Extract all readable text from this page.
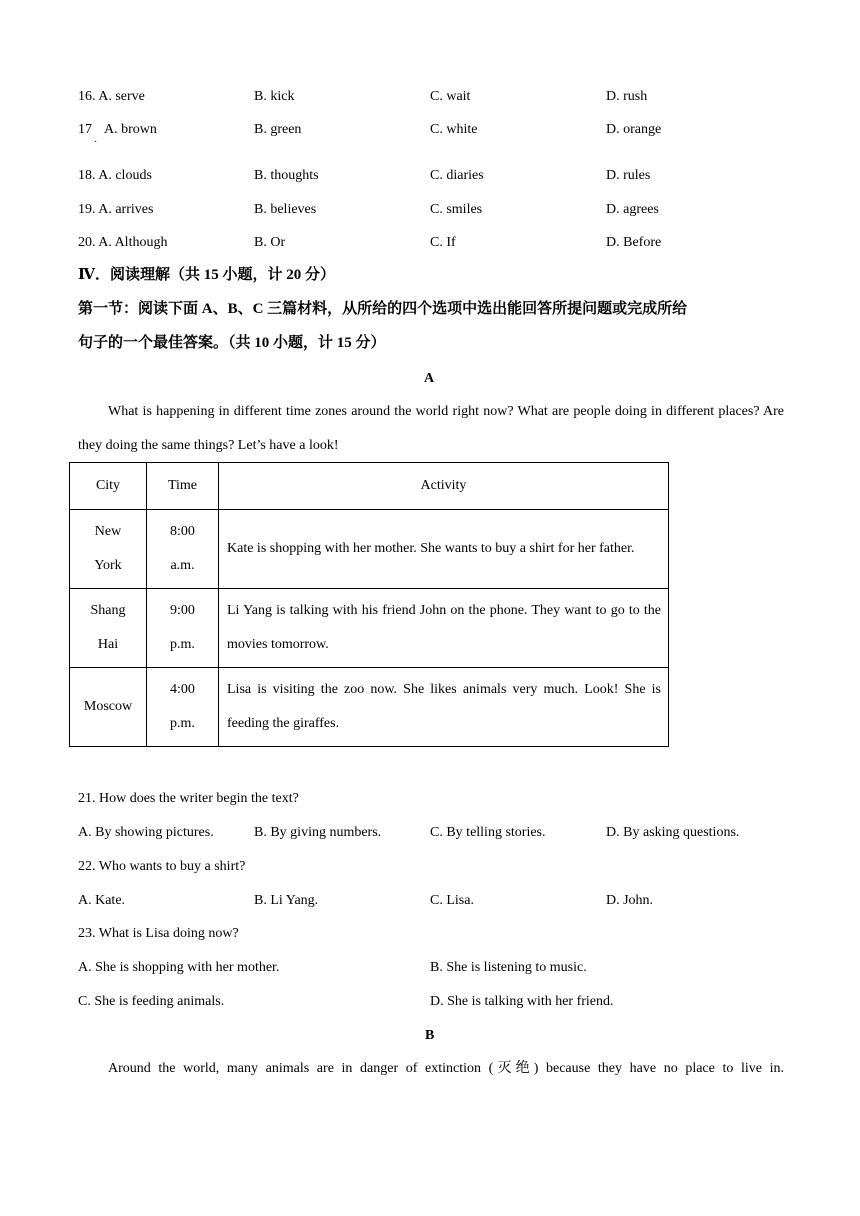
16. A. serve	B. kick	C. wait	D. rush
17
·
A. brown	B. green	C. white	D. orange
18. A. clouds	B. thoughts	C. diaries	D. rules
19. A. arrives	B. believes	C. smiles	D. agrees
20. A. Although	B. Or	C. If	D. Before
Ⅳ．阅读理解（共 15 小题，计 20 分）
第一节：阅读下面 A、B、C 三篇材料，从所给的四个选项中选出能回答所提问题或完成所给
句子的一个最佳答案。（共 10 小题，计 15 分）
A
What is happening in different time zones around the world right now? What are people doing in different places? Are they doing the same things? Let’s have a look!
City	Time	Activity
New York	8:00 a.m.	Kate is shopping with her mother. She wants to buy a shirt for her father.
Shang Hai	9:00 p.m.	Li Yang is talking with his friend John on the phone. They want to go to the movies tomorrow.
Moscow	4:00 p.m.	Lisa is visiting the zoo now. She likes animals very much. Look! She is feeding the giraffes.
21. How does the writer begin the text?
A. By showing pictures.	B. By giving numbers.	C. By telling stories.	D. By asking questions.
22. Who wants to buy a shirt?
A. Kate.	B. Li Yang.	C. Lisa.	D. John.
23. What is Lisa doing now?
A. She is shopping with her mother.	B. She is listening to music.
C. She is feeding animals.	D. She is talking with her friend.
B
Around the world, many animals are in danger of extinction (灭绝) because they have no place to live in.
